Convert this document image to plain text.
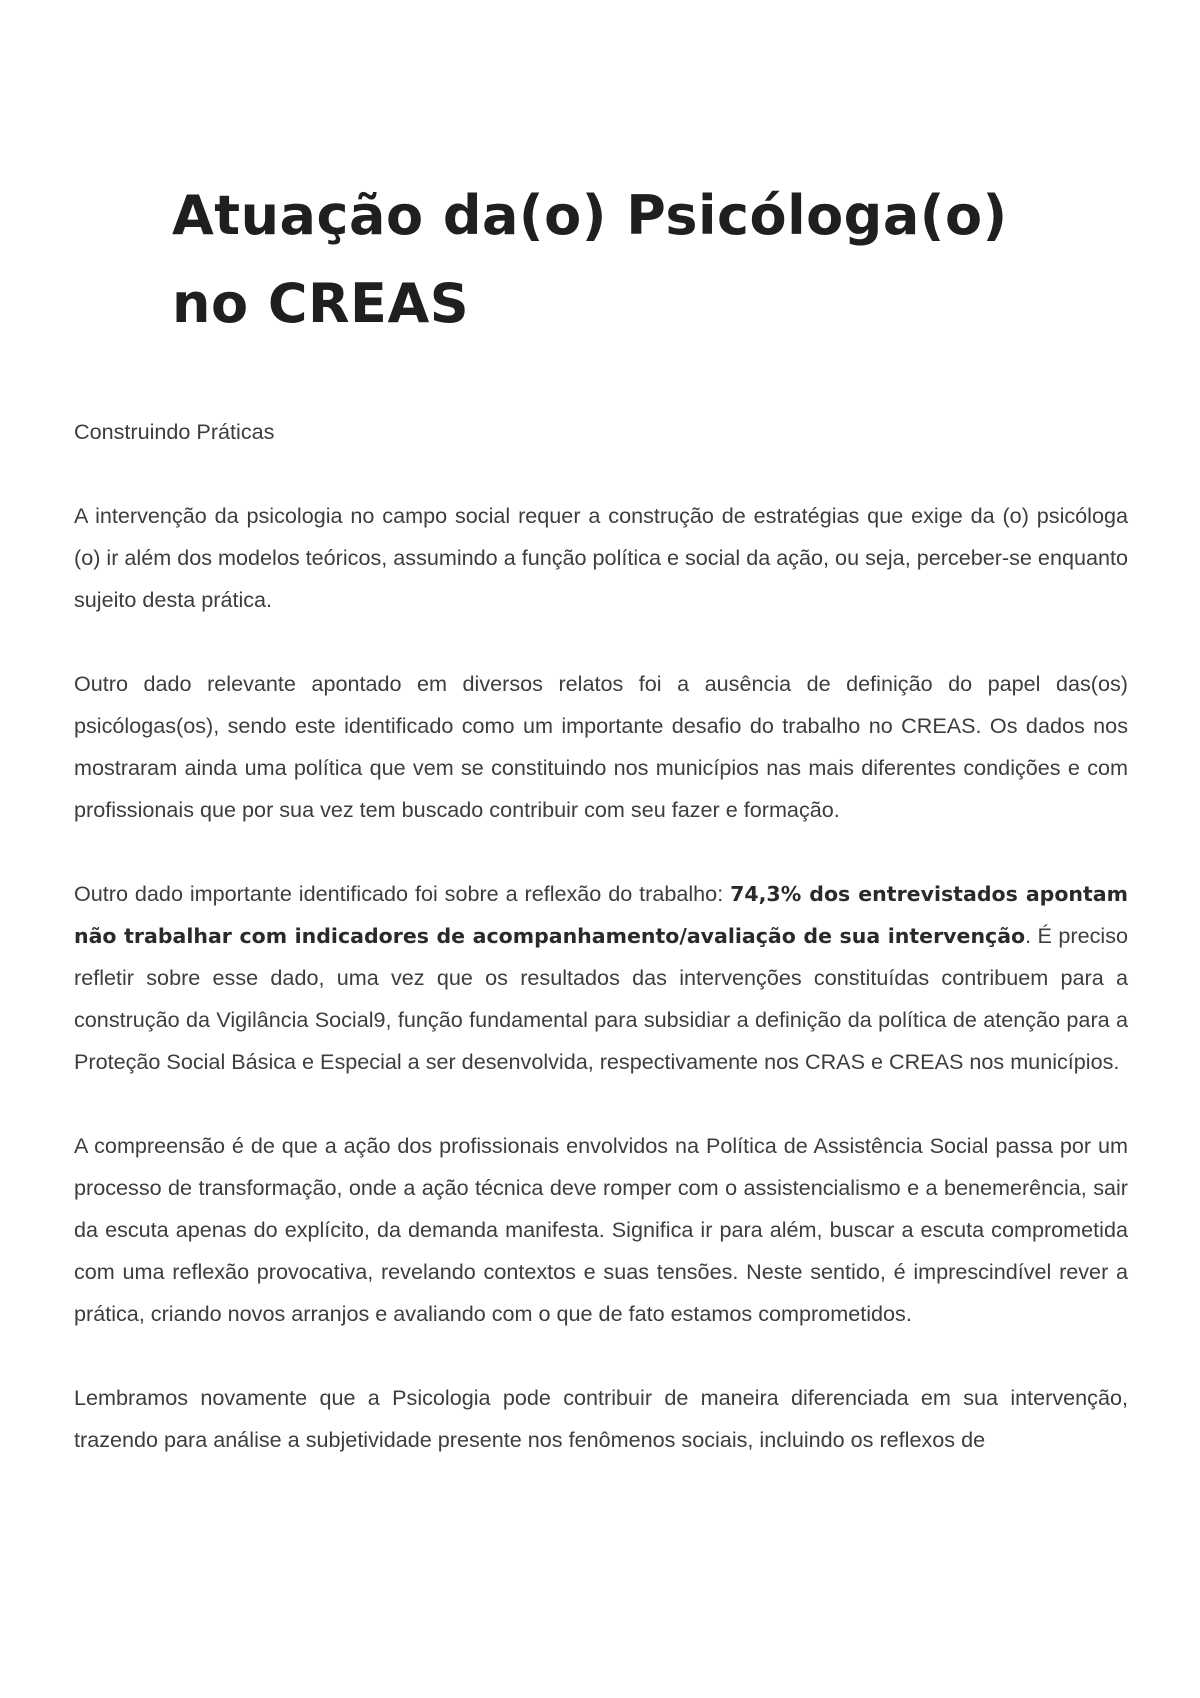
Atuação da(o) Psicóloga(o)
no CREAS

Construindo Práticas

A intervenção da psicologia no campo social requer a construção de estratégias que exige da (o) psicóloga (o) ir além dos modelos teóricos, assumindo a função política e social da ação, ou seja, perceber-se enquanto sujeito desta prática.

Outro dado relevante apontado em diversos relatos foi a ausência de definição do papel das(os) psicólogas(os), sendo este identificado como um importante desafio do trabalho no CREAS. Os dados nos mostraram ainda uma política que vem se constituindo nos municípios nas mais diferentes condições e com profissionais que por sua vez tem buscado contribuir com seu fazer e formação.

Outro dado importante identificado foi sobre a reflexão do trabalho: 74,3% dos entrevistados apontam não trabalhar com indicadores de acompanhamento/avaliação de sua intervenção. É preciso refletir sobre esse dado, uma vez que os resultados das intervenções constituídas contribuem para a construção da Vigilância Social9, função fundamental para subsidiar a definição da política de atenção para a Proteção Social Básica e Especial a ser desenvolvida, respectivamente nos CRAS e CREAS nos municípios.

A compreensão é de que a ação dos profissionais envolvidos na Política de Assistência Social passa por um processo de transformação, onde a ação técnica deve romper com o assistencialismo e a benemerência, sair da escuta apenas do explícito, da demanda manifesta. Significa ir para além, buscar a escuta comprometida com uma reflexão provocativa, revelando contextos e suas tensões. Neste sentido, é imprescindível rever a prática, criando novos arranjos e avaliando com o que de fato estamos comprometidos.

Lembramos novamente que a Psicologia pode contribuir de maneira diferenciada em sua intervenção, trazendo para análise a subjetividade presente nos fenômenos sociais, incluindo os reflexos de
